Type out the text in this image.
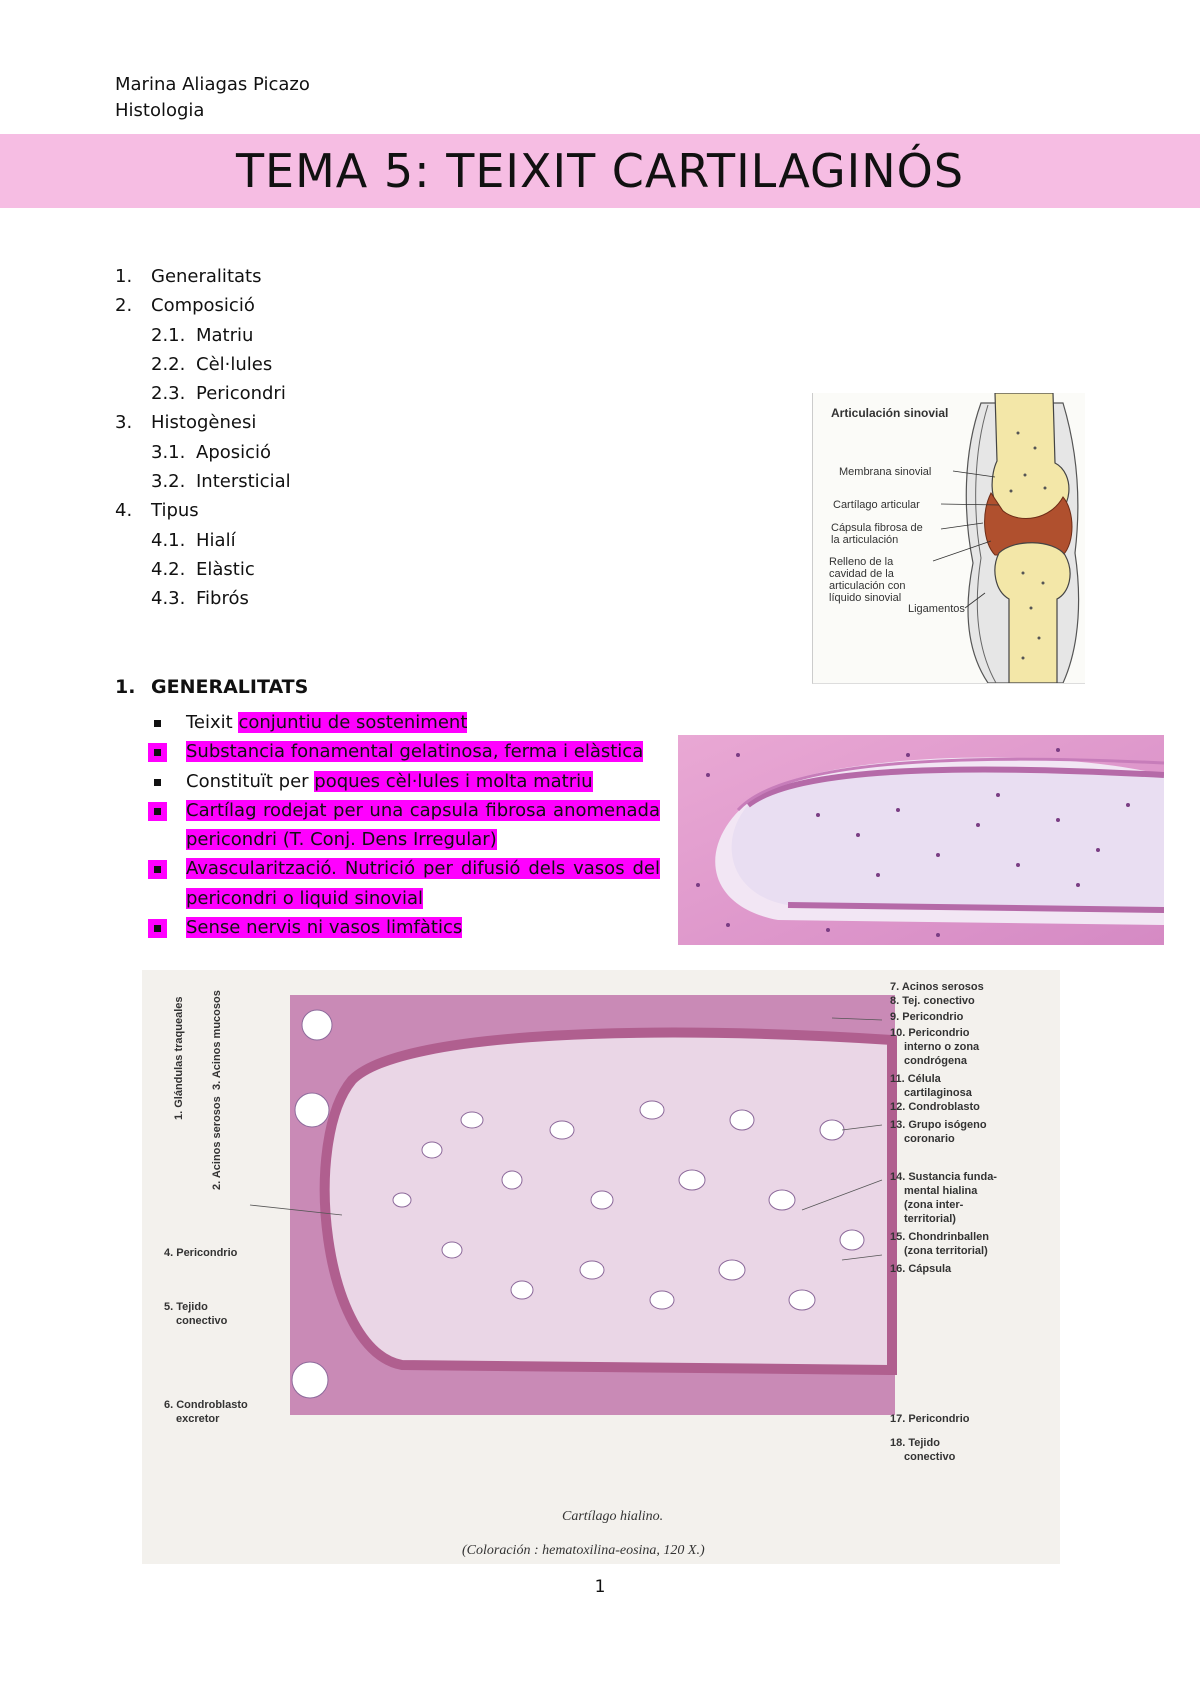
Marina Aliagas Picazo
Histologia
TEMA 5: TEIXIT CARTILAGINÓS
1. Generalitats
2. Composició
2.1. Matriu
2.2. Cèl·lules
2.3. Pericondri
3. Histogènesi
3.1. Aposició
3.2. Intersticial
4. Tipus
4.1. Hialí
4.2. Elàstic
4.3. Fibrós
Articulación sinovial
Membrana sinovial
Cartílago articular
Cápsula fibrosa de
la articulación
Relleno de la
cavidad de la
articulación con
líquido sinovial
Ligamentos
1. GENERALITATS
Teixit conjuntiu de sosteniment
Substancia fonamental gelatinosa, ferma i elàstica
Constituït per poques cèl·lules i molta matriu
Cartílag rodejat per una capsula fibrosa anomenada pericondri (T. Conj. Dens Irregular)
Avascularització. Nutrició per difusió dels vasos del pericondri o liquid sinovial
Sense nervis ni vasos limfàtics
1. Glándulas traqueales
2. Acinos serosos
3. Acinos mucosos
4. Pericondrio
5. Tejido
conectivo
6. Condroblasto
excretor
7. Acinos serosos
8. Tej. conectivo
9. Pericondrio
10. Pericondrio
interno o zona
condrógena
11. Célula
cartilaginosa
12. Condroblasto
13. Grupo isógeno
coronario
14. Sustancia funda-
mental hialina
(zona inter-
territorial)
15. Chondrinballen
(zona territorial)
16. Cápsula
17. Pericondrio
18. Tejido
conectivo
Cartílago hialino.
(Coloración : hematoxilina-eosina, 120 X.)
1
